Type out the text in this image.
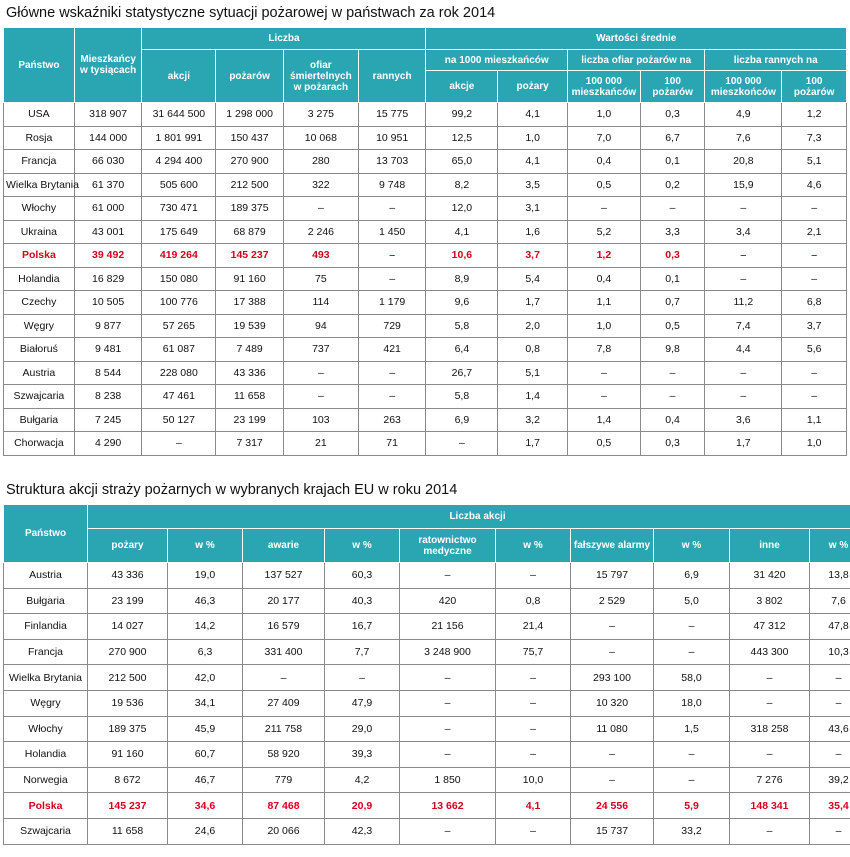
Główne wskaźniki statystyczne sytuacji pożarowej w państwach za rok 2014
Państwo	Mieszkańcy w tysiącach	Liczba				Wartości średnie					
		akcji	pożarów	ofiar śmiertelnych w pożarach	rannych	na 1000 mieszkańców		liczba ofiar pożarów na		liczba rannych na	
						akcje	pożary	100 000 mieszkańców	100 pożarów	100 000 mieszkońców	100 pożarów
USA	318 907	31 644 500	1 298 000	3 275	15 775	99,2	4,1	1,0	0,3	4,9	1,2
Rosja	144 000	1 801 991	150 437	10 068	10 951	12,5	1,0	7,0	6,7	7,6	7,3
Francja	66 030	4 294 400	270 900	280	13 703	65,0	4,1	0,4	0,1	20,8	5,1
Wielka Brytania	61 370	505 600	212 500	322	9 748	8,2	3,5	0,5	0,2	15,9	4,6
Włochy	61 000	730 471	189 375	–	–	12,0	3,1	–	–	–	–
Ukraina	43 001	175 649	68 879	2 246	1 450	4,1	1,6	5,2	3,3	3,4	2,1
Polska	39 492	419 264	145 237	493	–	10,6	3,7	1,2	0,3	–	–
Holandia	16 829	150 080	91 160	75	–	8,9	5,4	0,4	0,1	–	–
Czechy	10 505	100 776	17 388	114	1 179	9,6	1,7	1,1	0,7	11,2	6,8
Węgry	9 877	57 265	19 539	94	729	5,8	2,0	1,0	0,5	7,4	3,7
Białoruś	9 481	61 087	7 489	737	421	6,4	0,8	7,8	9,8	4,4	5,6
Austria	8 544	228 080	43 336	–	–	26,7	5,1	–	–	–	–
Szwajcaria	8 238	47 461	11 658	–	–	5,8	1,4	–	–	–	–
Bułgaria	7 245	50 127	23 199	103	263	6,9	3,2	1,4	0,4	3,6	1,1
Chorwacja	4 290	–	7 317	21	71	–	1,7	0,5	0,3	1,7	1,0
Struktura akcji straży pożarnych w wybranych krajach EU w roku 2014
Państwo	Liczba akcji									
	pożary	w %	awarie	w %	ratownictwo medyczne	w %	fałszywe alarmy	w %	inne	w %
Austria	43 336	19,0	137 527	60,3	–	–	15 797	6,9	31 420	13,8
Bułgaria	23 199	46,3	20 177	40,3	420	0,8	2 529	5,0	3 802	7,6
Finlandia	14 027	14,2	16 579	16,7	21 156	21,4	–	–	47 312	47,8
Francja	270 900	6,3	331 400	7,7	3 248 900	75,7	–	–	443 300	10,3
Wielka Brytania	212 500	42,0	–	–	–	–	293 100	58,0	–	–
Węgry	19 536	34,1	27 409	47,9	–	–	10 320	18,0	–	–
Włochy	189 375	45,9	211 758	29,0	–	–	11 080	1,5	318 258	43,6
Holandia	91 160	60,7	58 920	39,3	–	–	–	–	–	–
Norwegia	8 672	46,7	779	4,2	1 850	10,0	–	–	7 276	39,2
Polska	145 237	34,6	87 468	20,9	13 662	4,1	24 556	5,9	148 341	35,4
Szwajcaria	11 658	24,6	20 066	42,3	–	–	15 737	33,2	–	–
